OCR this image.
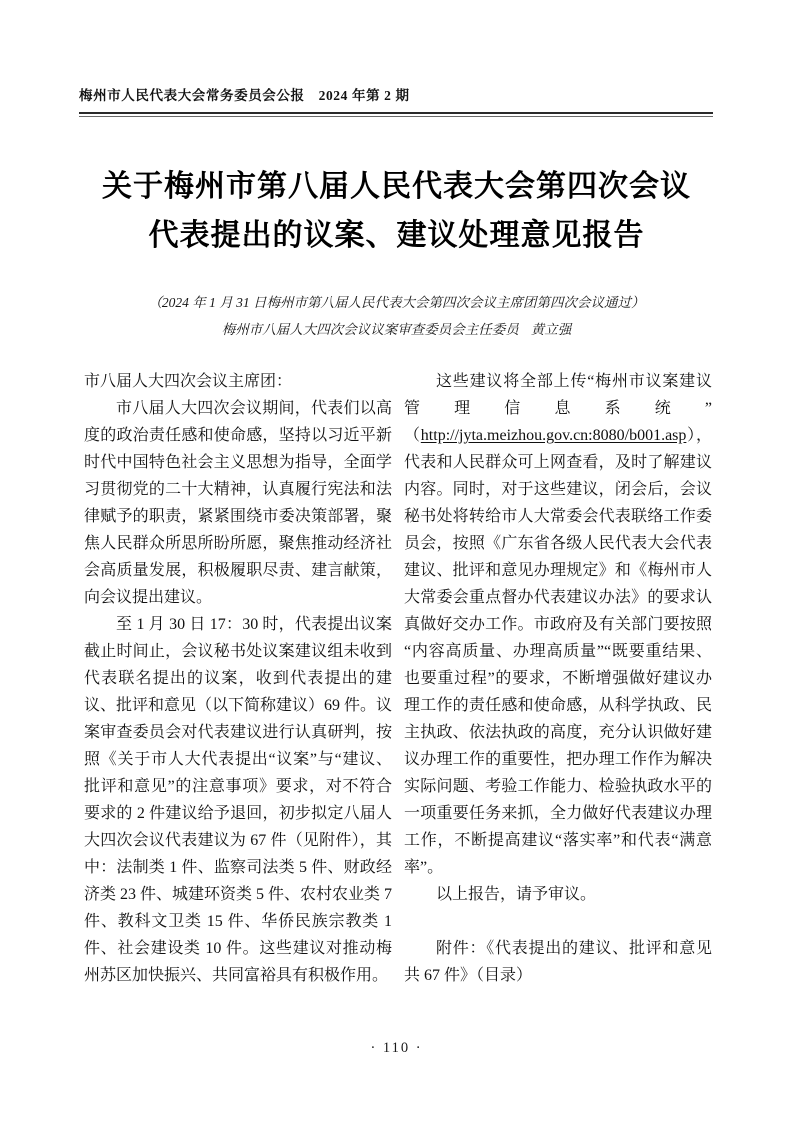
梅州市人民代表大会常务委员会公报 2024 年第 2 期
关于梅州市第八届人民代表大会第四次会议
代表提出的议案、建议处理意见报告
（2024 年 1 月 31 日梅州市第八届人民代表大会第四次会议主席团第四次会议通过）
梅州市八届人大四次会议议案审查委员会主任委员 黄立强

市八届人大四次会议主席团：

市八届人大四次会议期间，代表们以高度的政治责任感和使命感，坚持以习近平新时代中国特色社会主义思想为指导，全面学习贯彻党的二十大精神，认真履行宪法和法律赋予的职责，紧紧围绕市委决策部署，聚焦人民群众所思所盼所愿，聚焦推动经济社会高质量发展，积极履职尽责、建言献策，向会议提出建议。

至 1 月 30 日 17：30 时，代表提出议案截止时间止，会议秘书处议案建议组未收到代表联名提出的议案，收到代表提出的建议、批评和意见（以下简称建议）69 件。议案审查委员会对代表建议进行认真研判，按照《关于市人大代表提出“议案”与“建议、批评和意见”的注意事项》要求，对不符合要求的 2 件建议给予退回，初步拟定八届人大四次会议代表建议为 67 件（见附件），其中：法制类 1 件、监察司法类 5 件、财政经济类 23 件、城建环资类 5 件、农村农业类 7 件、教科文卫类 15 件、华侨民族宗教类 1 件、社会建设类 10 件。这些建议对推动梅州苏区加快振兴、共同富裕具有积极作用。

这些建议将全部上传“梅州市议案建议管理信息系统”（http://jyta.meizhou.gov.cn:8080/b001.asp），代表和人民群众可上网查看，及时了解建议内容。同时，对于这些建议，闭会后，会议秘书处将转给市人大常委会代表联络工作委员会，按照《广东省各级人民代表大会代表建议、批评和意见办理规定》和《梅州市人大常委会重点督办代表建议办法》的要求认真做好交办工作。市政府及有关部门要按照“内容高质量、办理高质量”“既要重结果、也要重过程”的要求，不断增强做好建议办理工作的责任感和使命感，从科学执政、民主执政、依法执政的高度，充分认识做好建议办理工作的重要性，把办理工作作为解决实际问题、考验工作能力、检验执政水平的一项重要任务来抓，全力做好代表建议办理工作，不断提高建议“落实率”和代表“满意率”。

以上报告，请予审议。

附件：《代表提出的建议、批评和意见共 67 件》（目录）

· 110 ·
